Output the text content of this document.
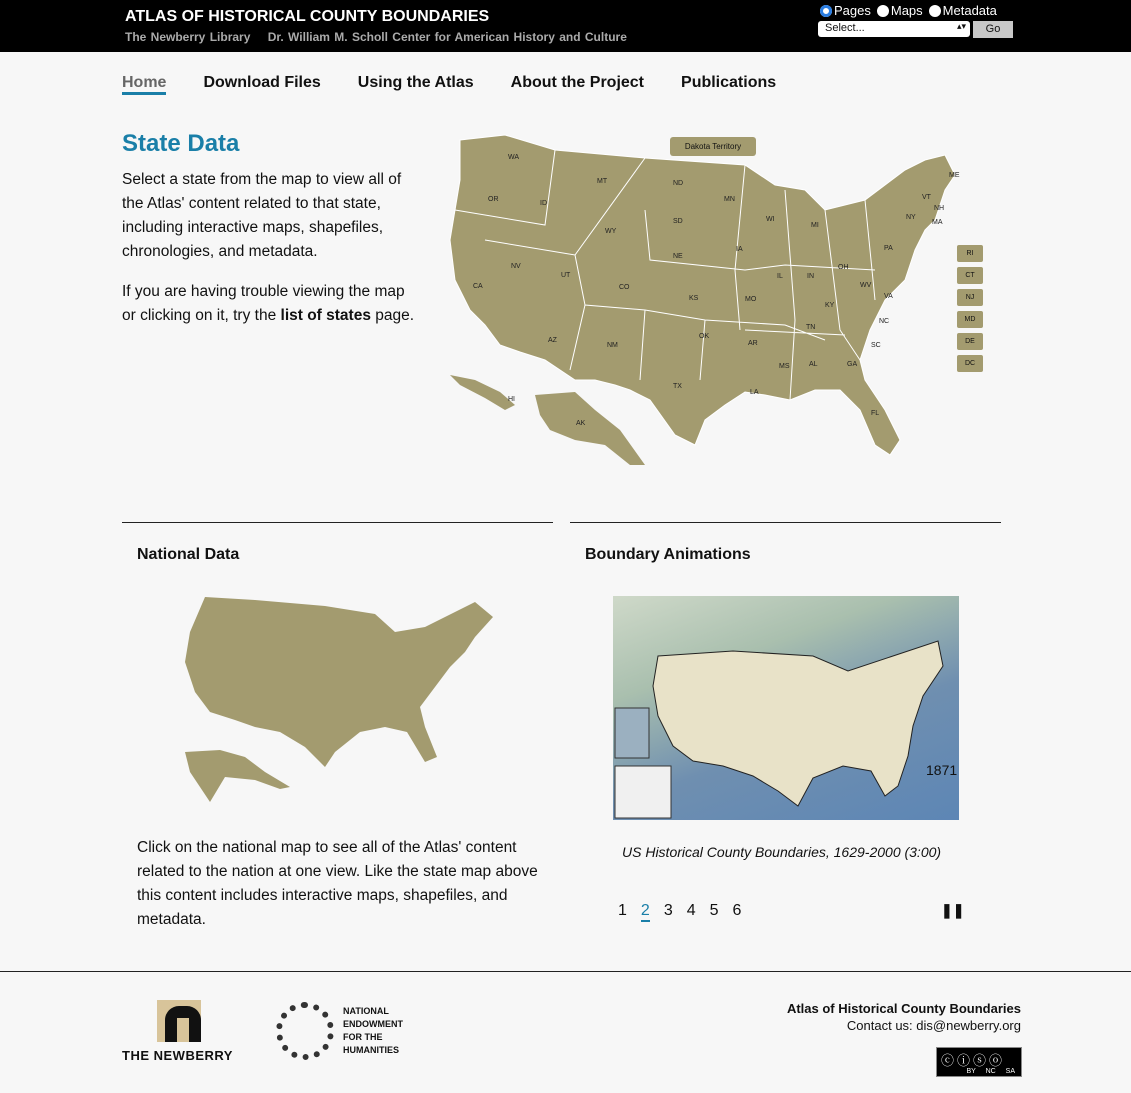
ATLAS OF HISTORICAL COUNTY BOUNDARIES
The Newberry Library    Dr. William M. Scholl Center for American History and Culture
Pages Maps Metadata
Select...	▴▾	Go
Home Download Files Using the Atlas About the Project Publications
State Data

Select a state from the map to view all of the Atlas' content related to that state, including interactive maps, shapefiles, chronologies, and metadata.

If you are having trouble viewing the map or clicking on it, try the list of states page.

WA
OR
CA
ID
NV
MT
WY
UT
AZ
CO
NM
ND
SD
NE
KS
OK
TX
MN
IA
MO
AR
LA
WI
IL
MI
IN
OH
KY
TN
MS	AL	GA
FL
SC
NC
VA
WV
PA
NY
VT
NH
ME
MA
HI
AK
Dakota Territory
RI
CT
NJ
MD
DE
DC
National Data	Boundary Animations
Click on the national map to see all of the Atlas' content related to the nation at one view. Like the state map above this content includes interactive maps, shapefiles, and metadata.
1871
US Historical County Boundaries, 1629-2000 (3:00)
1 2 3 4 5 6	❚❚
THE NEWBERRY
NATIONAL ENDOWMENT FOR THE HUMANITIES
Atlas of Historical County Boundaries
Contact us: dis@newberry.org
ⓒⓘⓢⓞ
BY NC SA
